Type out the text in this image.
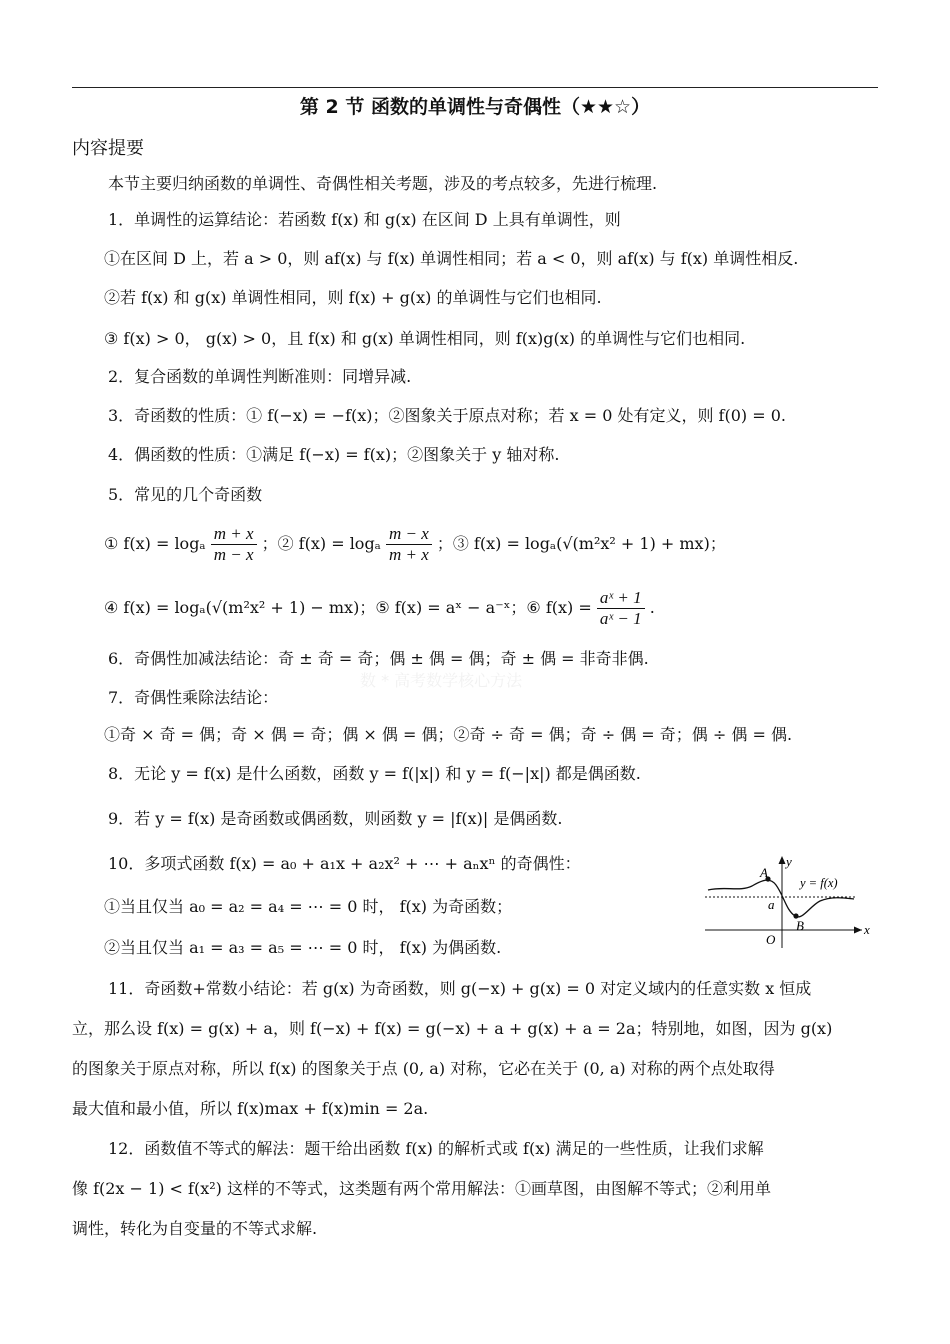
第 2 节 函数的单调性与奇偶性（★★☆）
内容提要
本节主要归纳函数的单调性、奇偶性相关考题，涉及的考点较多，先进行梳理.
1．单调性的运算结论：若函数 f(x) 和 g(x) 在区间 D 上具有单调性，则
①在区间 D 上，若 a > 0，则 af(x) 与 f(x) 单调性相同；若 a < 0，则 af(x) 与 f(x) 单调性相反.
②若 f(x) 和 g(x) 单调性相同，则 f(x) + g(x) 的单调性与它们也相同.
③ f(x) > 0， g(x) > 0，且 f(x) 和 g(x) 单调性相同，则 f(x)g(x) 的单调性与它们也相同.
2．复合函数的单调性判断准则：同增异减.
3．奇函数的性质：① f(−x) = −f(x)；②图象关于原点对称；若 x = 0 处有定义，则 f(0) = 0.
4．偶函数的性质：①满足 f(−x) = f(x)；②图象关于 y 轴对称.
5．常见的几个奇函数
① f(x) = logₐ $\frac{m + x}{m - x}$ ；② f(x) = logₐ $\frac{m - x}{m + x}$ ；③ f(x) = logₐ(√(m²x² + 1) + mx)；
④ f(x) = logₐ(√(m²x² + 1) − mx)；⑤ f(x) = aˣ − a⁻ˣ；⑥ $f(x) = \frac{\text{aˣ + 1}}{\text{aˣ − 1}}$ .
数 * 高考数学核心方法
6．奇偶性加减法结论：奇 ± 奇 = 奇；偶 ± 偶 = 偶；奇 ± 偶 = 非奇非偶.
7．奇偶性乘除法结论：
①奇 × 奇 = 偶；奇 × 偶 = 奇；偶 × 偶 = 偶；②奇 ÷ 奇 = 偶；奇 ÷ 偶 = 奇；偶 ÷ 偶 = 偶.
8．无论 y = f(x) 是什么函数，函数 y = f(|x|) 和 y = f(−|x|) 都是偶函数.
9．若 y = f(x) 是奇函数或偶函数，则函数 y = |f(x)| 是偶函数.
10．多项式函数 f(x) = a₀ + a₁x + a₂x² + ⋯ + aₙxⁿ 的奇偶性：
①当且仅当 a₀ = a₂ = a₄ = ⋯ = 0 时， f(x) 为奇函数；
②当且仅当 a₁ = a₃ = a₅ = ⋯ = 0 时， f(x) 为偶函数.
A
B
a
O
x
y
y = f(x)
11．奇函数+常数小结论：若 g(x) 为奇函数，则 g(−x) + g(x) = 0 对定义域内的任意实数 x 恒成
立，那么设 f(x) = g(x) + a，则 f(−x) + f(x) = g(−x) + a + g(x) + a = 2a；特别地，如图，因为 g(x)
的图象关于原点对称，所以 f(x) 的图象关于点 (0, a) 对称，它必在关于 (0, a) 对称的两个点处取得
最大值和最小值，所以 f(x)max + f(x)min = 2a.
12．函数值不等式的解法：题干给出函数 f(x) 的解析式或 f(x) 满足的一些性质，让我们求解
像 f(2x − 1) < f(x²) 这样的不等式，这类题有两个常用解法：①画草图，由图解不等式；②利用单
调性，转化为自变量的不等式求解.
